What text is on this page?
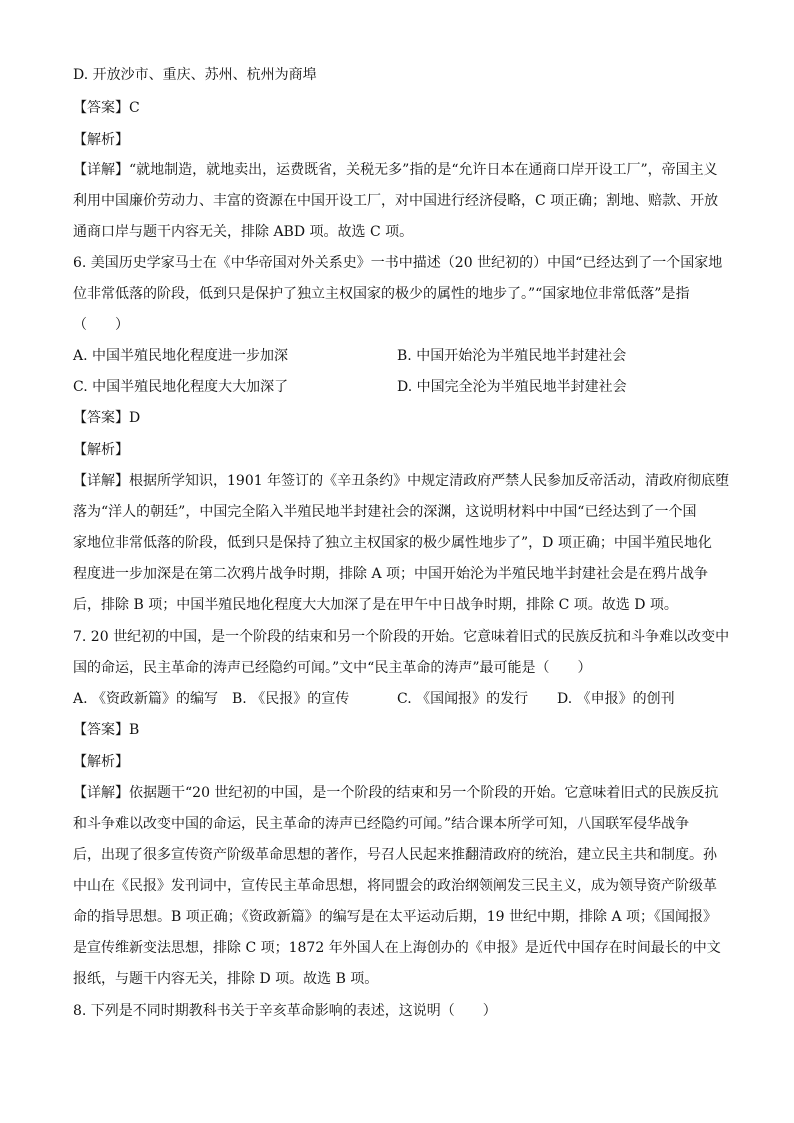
D. 开放沙市、重庆、苏州、杭州为商埠
【答案】C
【解析】
【详解】“就地制造，就地卖出，运费既省，关税无多”指的是“允许日本在通商口岸开设工厂”，帝国主义
利用中国廉价劳动力、丰富的资源在中国开设工厂，对中国进行经济侵略，C 项正确；割地、赔款、开放
通商口岸与题干内容无关，排除 ABD 项。故选 C 项。
6. 美国历史学家马士在《中华帝国对外关系史》一书中描述（20 世纪初的）中国“已经达到了一个国家地
位非常低落的阶段，低到只是保护了独立主权国家的极少的属性的地步了。”“国家地位非常低落”是指
（　　）
A. 中国半殖民地化程度进一步加深	B. 中国开始沦为半殖民地半封建社会
C. 中国半殖民地化程度大大加深了	D. 中国完全沦为半殖民地半封建社会
【答案】D
【解析】
【详解】根据所学知识，1901 年签订的《辛丑条约》中规定清政府严禁人民参加反帝活动，清政府彻底堕
落为“洋人的朝廷”，中国完全陷入半殖民地半封建社会的深渊，这说明材料中中国“已经达到了一个国
家地位非常低落的阶段，低到只是保持了独立主权国家的极少属性地步了”，D 项正确；中国半殖民地化
程度进一步加深是在第二次鸦片战争时期，排除 A 项；中国开始沦为半殖民地半封建社会是在鸦片战争
后，排除 B 项；中国半殖民地化程度大大加深了是在甲午中日战争时期，排除 C 项。故选 D 项。
7. 20 世纪初的中国，是一个阶段的结束和另一个阶段的开始。它意味着旧式的民族反抗和斗争难以改变中
国的命运，民主革命的涛声已经隐约可闻。”文中“民主革命的涛声”最可能是（　　）
A. 《资政新篇》的编写 B. 《民报》的宣传	C. 《国闻报》的发行 D. 《申报》的创刊
【答案】B
【解析】
【详解】依据题干“20 世纪初的中国，是一个阶段的结束和另一个阶段的开始。它意味着旧式的民族反抗
和斗争难以改变中国的命运，民主革命的涛声已经隐约可闻。”结合课本所学可知，八国联军侵华战争
后，出现了很多宣传资产阶级革命思想的著作，号召人民起来推翻清政府的统治，建立民主共和制度。孙
中山在《民报》发刊词中，宣传民主革命思想，将同盟会的政治纲领阐发三民主义，成为领导资产阶级革
命的指导思想。B 项正确；《资政新篇》的编写是在太平运动后期，19 世纪中期，排除 A 项；《国闻报》
是宣传维新变法思想，排除 C 项；1872 年外国人在上海创办的《申报》是近代中国存在时间最长的中文
报纸，与题干内容无关，排除 D 项。故选 B 项。
8. 下列是不同时期教科书关于辛亥革命影响的表述，这说明（　　）
